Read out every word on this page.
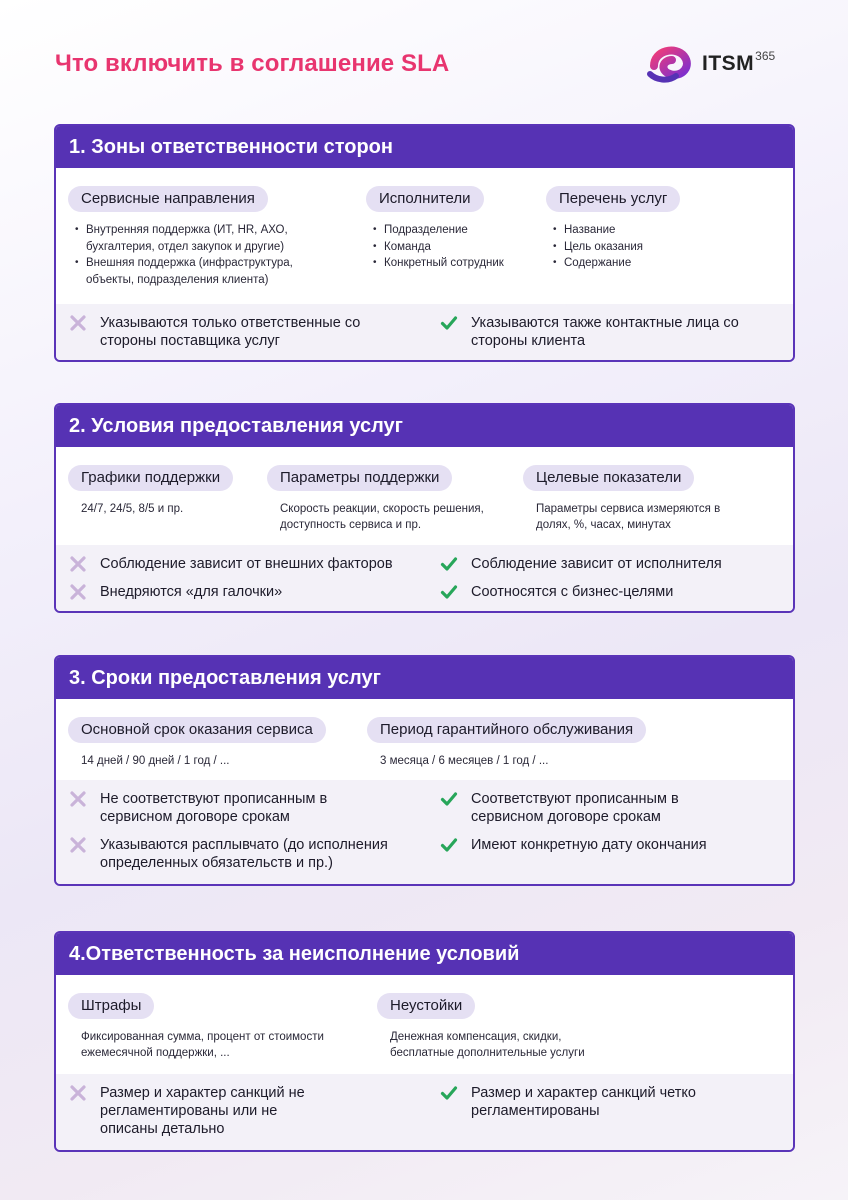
Что включить в соглашение SLA	ITSM 365
1. Зоны ответственности сторон
Сервисные направления
• Внутренняя поддержка (ИТ, HR, АХО, бухгалтерия, отдел закупок и другие)
• Внешняя поддержка (инфраструктура, объекты, подразделения клиента)
Исполнители
• Подразделение
• Команда
• Конкретный сотрудник
Перечень услуг
• Название
• Цель оказания
• Содержание
Указываются только ответственные со стороны поставщика услуг
Указываются также контактные лица со стороны клиента
2. Условия предоставления услуг
Графики поддержки
24/7, 24/5, 8/5 и пр.
Параметры поддержки
Скорость реакции, скорость решения, доступность сервиса и пр.
Целевые показатели
Параметры сервиса измеряются в долях, %, часах, минутах
Соблюдение зависит от внешних факторов
Внедряются «для галочки»
Соблюдение зависит от исполнителя
Соотносятся с бизнес-целями
3. Сроки предоставления услуг
Основной срок оказания сервиса
14 дней / 90 дней / 1 год / ...
Период гарантийного обслуживания
3 месяца / 6 месяцев / 1 год / ...
Не соответствуют прописанным в сервисном договоре срокам
Указываются расплывчато (до исполнения определенных обязательств и пр.)
Соответствуют прописанным в сервисном договоре срокам
Имеют конкретную дату окончания
4.Ответственность за неисполнение условий
Штрафы
Фиксированная сумма, процент от стоимости ежемесячной поддержки, ...
Неустойки
Денежная компенсация, скидки, бесплатные дополнительные услуги
Размер и характер санкций не регламентированы или не описаны детально
Размер и характер санкций четко регламентированы
